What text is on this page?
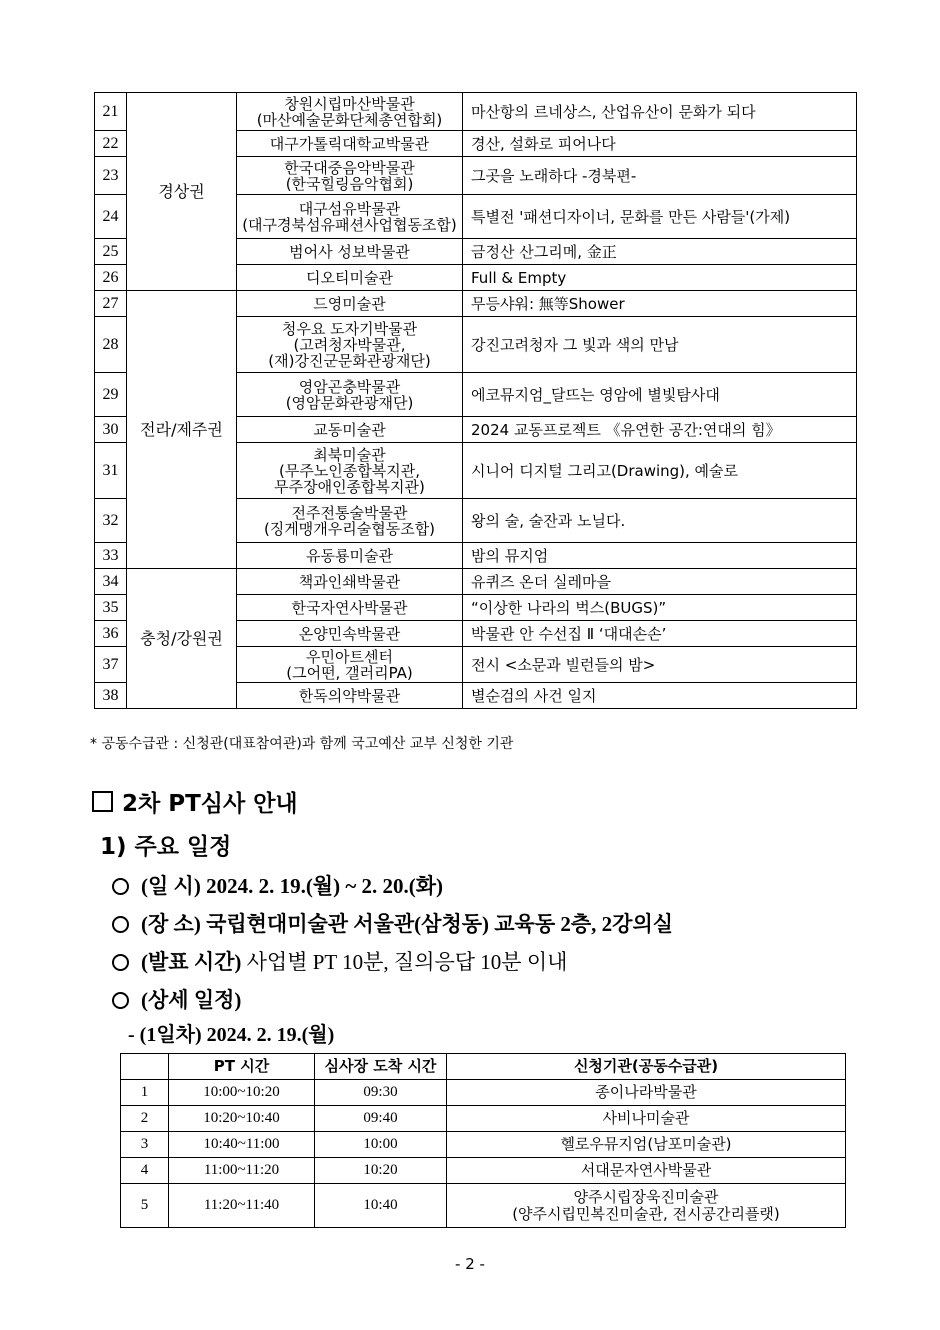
21	경상권	창원시립마산박물관
(마산예술문화단체총연합회)	마산항의 르네상스, 산업유산이 문화가 되다
22		대구가톨릭대학교박물관	경산, 설화로 피어나다
23		한국대중음악박물관
(한국힐링음악협회)	그곳을 노래하다 -경북편-
24		대구섬유박물관
(대구경북섬유패션사업협동조합)	특별전 '패션디자이너, 문화를 만든 사람들'(가제)
25		범어사 성보박물관	금정산 산그리메, 金正
26		디오티미술관	Full & Empty
27	전라/제주권	드영미술관	무등샤워: 無等Shower
28		청우요 도자기박물관
(고려청자박물관,
(재)강진군문화관광재단)	강진고려청자 그 빛과 색의 만남
29		영암곤충박물관
(영암문화관광재단)	에코뮤지엄_달뜨는 영암에 별빛탐사대
30		교동미술관	2024 교동프로젝트 《유연한 공간:연대의 힘》
31		최북미술관
(무주노인종합복지관,
무주장애인종합복지관)	시니어 디지털 그리고(Drawing), 예술로
32		전주전통술박물관
(징게맹개우리술협동조합)	왕의 술, 술잔과 노닐다.
33		유동룡미술관	밤의 뮤지엄
34	충청/강원권	책과인쇄박물관	유퀴즈 온더 실레마을
35		한국자연사박물관	“이상한 나라의 벅스(BUGS)”
36		온양민속박물관	박물관 안 수선집 Ⅱ ‘대대손손’
37		우민아트센터
(그어떤, 갤러리PA)	전시 <소문과 빌런들의 밤>
38		한독의약박물관	별순검의 사건 일지
* 공동수급관 : 신청관(대표참여관)과 함께 국고예산 교부 신청한 기관
2차 PT심사 안내
1) 주요 일정
(일 시) 2024. 2. 19.(월) ~ 2. 20.(화)
(장 소) 국립현대미술관 서울관(삼청동) 교육동 2층, 2강의실
(발표 시간) 사업별 PT 10분, 질의응답 10분 이내
(상세 일정)
- (1일차) 2024. 2. 19.(월)
	PT 시간	심사장 도착 시간	신청기관(공동수급관)
1	10:00~10:20	09:30	종이나라박물관
2	10:20~10:40	09:40	사비나미술관
3	10:40~11:00	10:00	헬로우뮤지엄(남포미술관)
4	11:00~11:20	10:20	서대문자연사박물관
5	11:20~11:40	10:40	양주시립장욱진미술관
(양주시립민복진미술관, 전시공간리플랫)
- 2 -
